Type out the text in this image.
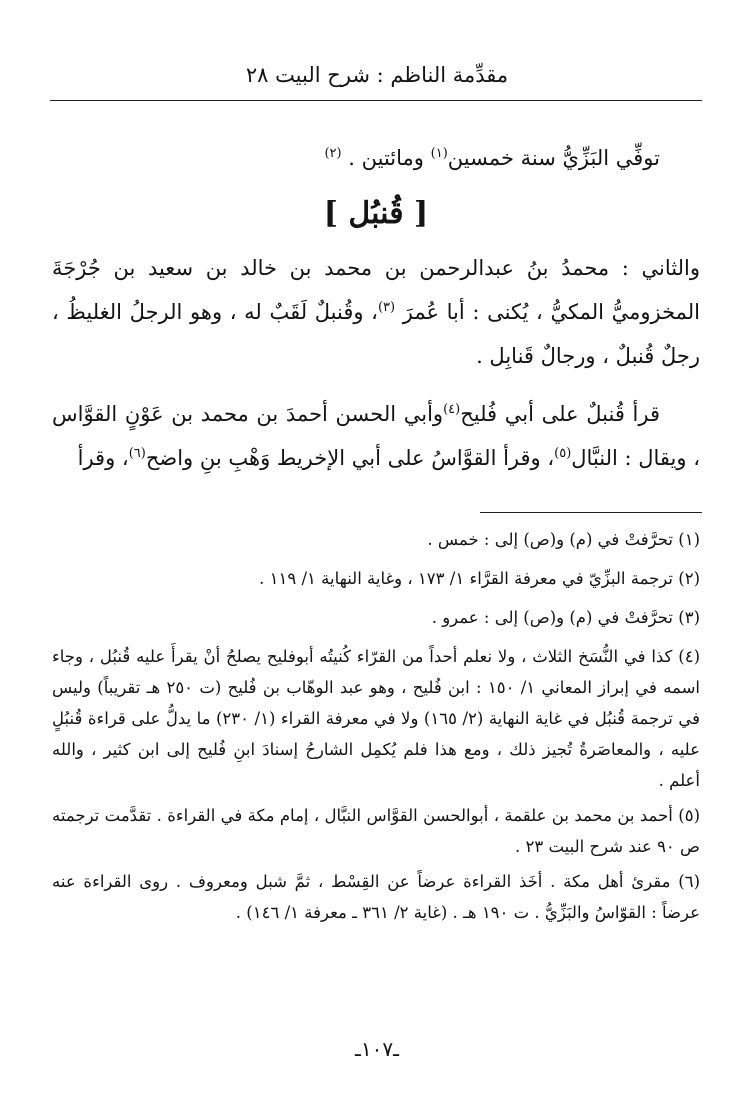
مقدِّمة الناظم : شرح البيت ٢٨

توفِّي البَزِّيُّ سنة خمسين$^{(١)}$ ومائتين . $^{(٢)}$

[ قُنبُل ]

والثاني : محمدُ بنُ عبدالرحمن بن محمد بن خالد بن سعيد بن جُرْجَةَ المخزوميُّ المكيُّ ، يُكنى : أبا عُمرَ $^{(٣)}$، وقُنبلٌ لَقَبٌ له ، وهو الرجلُ الغليظُ ، رجلٌ قُنبلٌ ، ورجالٌ قَنابِل .

قرأ قُنبلٌ على أبي فُليح$^{(٤)}$وأبي الحسن أحمدَ بن محمد بن عَوْنٍ القوَّاس ، ويقال : النبَّال$^{(٥)}$، وقرأ القوَّاسُ على أبي الإخريط وَهْبِ بنِ واضح$^{(٦)}$، وقرأ

(١) تحرَّفتْ في (م) و(ص) إلى : خمس .

(٢) ترجمة البزِّيّ في معرفة القرَّاء ١/ ١٧٣ ، وغاية النهاية ١/ ١١٩ .

(٣) تحرَّفتْ في (م) و(ص) إلى : عمرو .

(٤) كذا في النُّسَخ الثلاث ، ولا نعلم أحداً من القرّاء كُنيتُه أبوفليح يصلحُ أنْ يقرأَ عليه قُنبُل ، وجاء اسمه في إبراز المعاني ١/ ١٥٠ : ابن فُليح ، وهو عبد الوهّاب بن فُليح (ت ٢٥٠ هـ تقريباً) وليس في ترجمة قُنبُل في غاية النهاية (٢/ ١٦٥) ولا في معرفة القراء (١/ ٢٣٠) ما يدلُّ على قراءة قُنبُلٍ عليه ، والمعاصَرةُ تُجيز ذلك ، ومع هذا فلم يُكمِل الشارحُ إسنادَ ابنِ فُليح إلى ابن كثير ، والله أعلم .

(٥) أحمد بن محمد بن علقمة ، أبوالحسن القوَّاس النبَّال ، إمام مكة في القراءة . تقدَّمت ترجمته ص ٩٠ عند شرح البيت ٢٣ .

(٦) مقرئ أهل مكة . أخَذ القراءة عرضاً عن القِسْط ، ثمَّ شبل ومعروف . روى القراءة عنه عرضاً : القوّاسُ والبَزِّيُّ . ت ١٩٠ هـ . (غاية ٢/ ٣٦١ ـ معرفة ١/ ١٤٦) .

ـ١٠٧ـ
